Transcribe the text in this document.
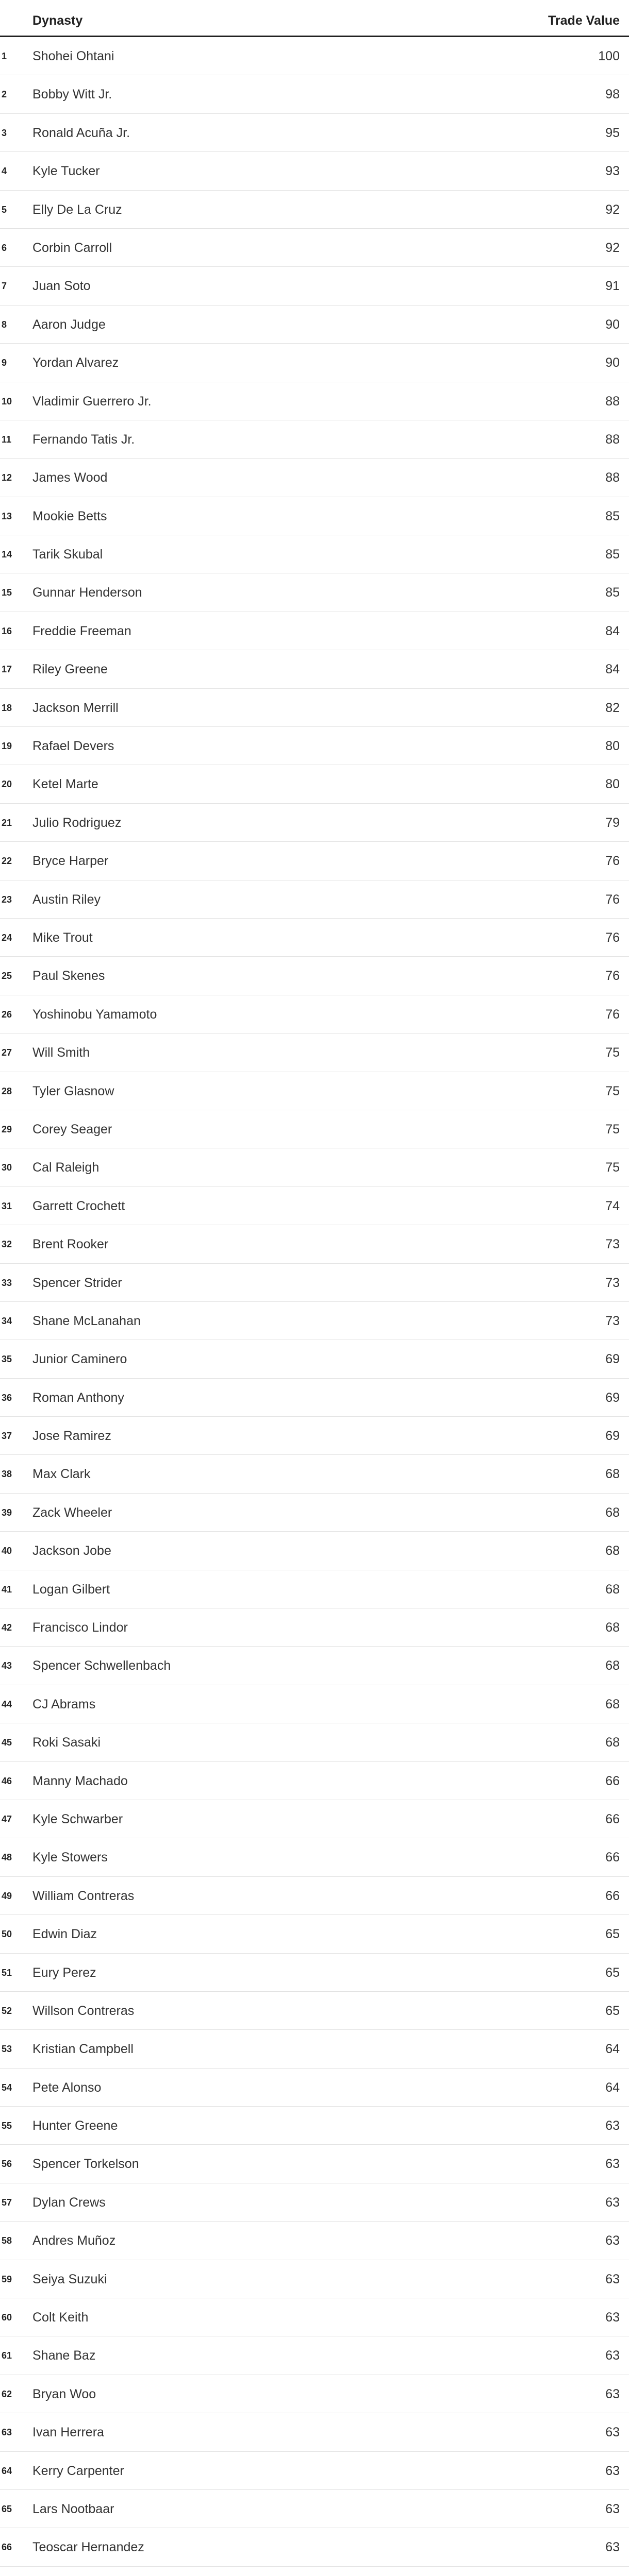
Dynasty	Trade Value
1 Shohei Ohtani	100
2 Bobby Witt Jr.	98
3 Ronald Acuña Jr.	95
4 Kyle Tucker	93
5 Elly De La Cruz	92
6 Corbin Carroll	92
7 Juan Soto	91
8 Aaron Judge	90
9 Yordan Alvarez	90
10 Vladimir Guerrero Jr.	88
11 Fernando Tatis Jr.	88
12 James Wood	88
13 Mookie Betts	85
14 Tarik Skubal	85
15 Gunnar Henderson	85
16 Freddie Freeman	84
17 Riley Greene	84
18 Jackson Merrill	82
19 Rafael Devers	80
20 Ketel Marte	80
21 Julio Rodriguez	79
22 Bryce Harper	76
23 Austin Riley	76
24 Mike Trout	76
25 Paul Skenes	76
26 Yoshinobu Yamamoto	76
27 Will Smith	75
28 Tyler Glasnow	75
29 Corey Seager	75
30 Cal Raleigh	75
31 Garrett Crochett	74
32 Brent Rooker	73
33 Spencer Strider	73
34 Shane McLanahan	73
35 Junior Caminero	69
36 Roman Anthony	69
37 Jose Ramirez	69
38 Max Clark	68
39 Zack Wheeler	68
40 Jackson Jobe	68
41 Logan Gilbert	68
42 Francisco Lindor	68
43 Spencer Schwellenbach	68
44 CJ Abrams	68
45 Roki Sasaki	68
46 Manny Machado	66
47 Kyle Schwarber	66
48 Kyle Stowers	66
49 William Contreras	66
50 Edwin Diaz	65
51 Eury Perez	65
52 Willson Contreras	65
53 Kristian Campbell	64
54 Pete Alonso	64
55 Hunter Greene	63
56 Spencer Torkelson	63
57 Dylan Crews	63
58 Andres Muñoz	63
59 Seiya Suzuki	63
60 Colt Keith	63
61 Shane Baz	63
62 Bryan Woo	63
63 Ivan Herrera	63
64 Kerry Carpenter	63
65 Lars Nootbaar	63
66 Teoscar Hernandez	63
